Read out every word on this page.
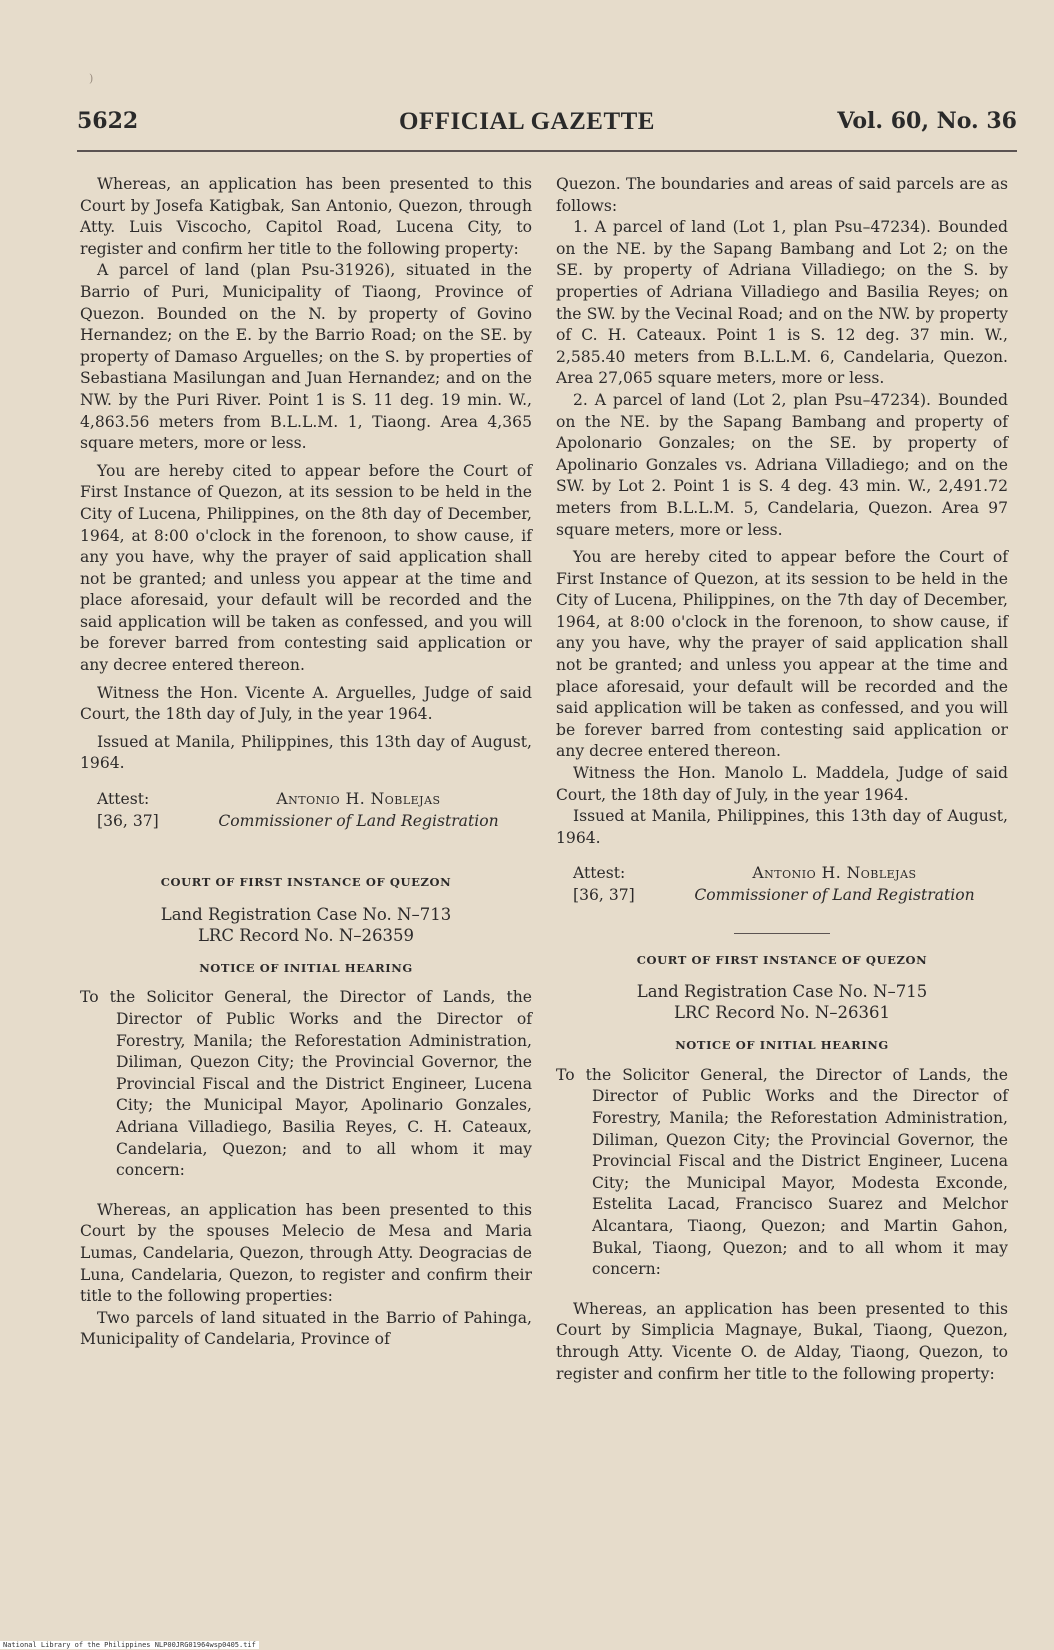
)
5622	OFFICIAL GAZETTE	Vol. 60, No. 36

Whereas, an application has been presented to this Court by Josefa Katigbak, San Antonio, Quezon, through Atty. Luis Viscocho, Capitol Road, Lucena City, to register and confirm her title to the following property:

A parcel of land (plan Psu-31926), situated in the Barrio of Puri, Municipality of Tiaong, Province of Quezon. Bounded on the N. by property of Govino Hernandez; on the E. by the Barrio Road; on the SE. by property of Damaso Arguelles; on the S. by properties of Sebastiana Masilungan and Juan Hernandez; and on the NW. by the Puri River. Point 1 is S. 11 deg. 19 min. W., 4,863.56 meters from B.L.L.M. 1, Tiaong. Area 4,365 square meters, more or less.

You are hereby cited to appear before the Court of First Instance of Quezon, at its session to be held in the City of Lucena, Philippines, on the 8th day of December, 1964, at 8:00 o'clock in the forenoon, to show cause, if any you have, why the prayer of said application shall not be granted; and unless you appear at the time and place aforesaid, your default will be recorded and the said application will be taken as confessed, and you will be forever barred from contesting said application or any decree entered thereon.

Witness the Hon. Vicente A. Arguelles, Judge of said Court, the 18th day of July, in the year 1964.

Issued at Manila, Philippines, this 13th day of August, 1964.

Attest:	Antonio H. Noblejas
[36, 37]	Commissioner of Land Registration
COURT OF FIRST INSTANCE OF QUEZON
Land Registration Case No. N–713
LRC Record No. N–26359
NOTICE OF INITIAL HEARING

To the Solicitor General, the Director of Lands, the Director of Public Works and the Director of Forestry, Manila; the Reforestation Administration, Diliman, Quezon City; the Provincial Governor, the Provincial Fiscal and the District Engineer, Lucena City; the Municipal Mayor, Apolinario Gonzales, Adriana Villadiego, Basilia Reyes, C. H. Cateaux, Candelaria, Quezon; and to all whom it may concern:

Whereas, an application has been presented to this Court by the spouses Melecio de Mesa and Maria Lumas, Candelaria, Quezon, through Atty. Deogracias de Luna, Candelaria, Quezon, to register and confirm their title to the following properties:

Two parcels of land situated in the Barrio of Pahinga, Municipality of Candelaria, Province of

Quezon. The boundaries and areas of said parcels are as follows:

1. A parcel of land (Lot 1, plan Psu–47234). Bounded on the NE. by the Sapang Bambang and Lot 2; on the SE. by property of Adriana Villadiego; on the S. by properties of Adriana Villadiego and Basilia Reyes; on the SW. by the Vecinal Road; and on the NW. by property of C. H. Cateaux. Point 1 is S. 12 deg. 37 min. W., 2,585.40 meters from B.L.L.M. 6, Candelaria, Quezon. Area 27,065 square meters, more or less.

2. A parcel of land (Lot 2, plan Psu–47234). Bounded on the NE. by the Sapang Bambang and property of Apolonario Gonzales; on the SE. by property of Apolinario Gonzales vs. Adriana Villadiego; and on the SW. by Lot 2. Point 1 is S. 4 deg. 43 min. W., 2,491.72 meters from B.L.L.M. 5, Candelaria, Quezon. Area 97 square meters, more or less.

You are hereby cited to appear before the Court of First Instance of Quezon, at its session to be held in the City of Lucena, Philippines, on the 7th day of December, 1964, at 8:00 o'clock in the forenoon, to show cause, if any you have, why the prayer of said application shall not be granted; and unless you appear at the time and place aforesaid, your default will be recorded and the said application will be taken as confessed, and you will be forever barred from contesting said application or any decree entered thereon.

Witness the Hon. Manolo L. Maddela, Judge of said Court, the 18th day of July, in the year 1964.

Issued at Manila, Philippines, this 13th day of August, 1964.

Attest:	Antonio H. Noblejas
[36, 37]	Commissioner of Land Registration
COURT OF FIRST INSTANCE OF QUEZON
Land Registration Case No. N–715
LRC Record No. N–26361
NOTICE OF INITIAL HEARING

To the Solicitor General, the Director of Lands, the Director of Public Works and the Director of Forestry, Manila; the Reforestation Administration, Diliman, Quezon City; the Provincial Governor, the Provincial Fiscal and the District Engineer, Lucena City; the Municipal Mayor, Modesta Exconde, Estelita Lacad, Francisco Suarez and Melchor Alcantara, Tiaong, Quezon; and Martin Gahon, Bukal, Tiaong, Quezon; and to all whom it may concern:

Whereas, an application has been presented to this Court by Simplicia Magnaye, Bukal, Tiaong, Quezon, through Atty. Vicente O. de Alday, Tiaong, Quezon, to register and confirm her title to the following property:

National Library of the Philippines NLP00JRG01964wsp0405.tif
